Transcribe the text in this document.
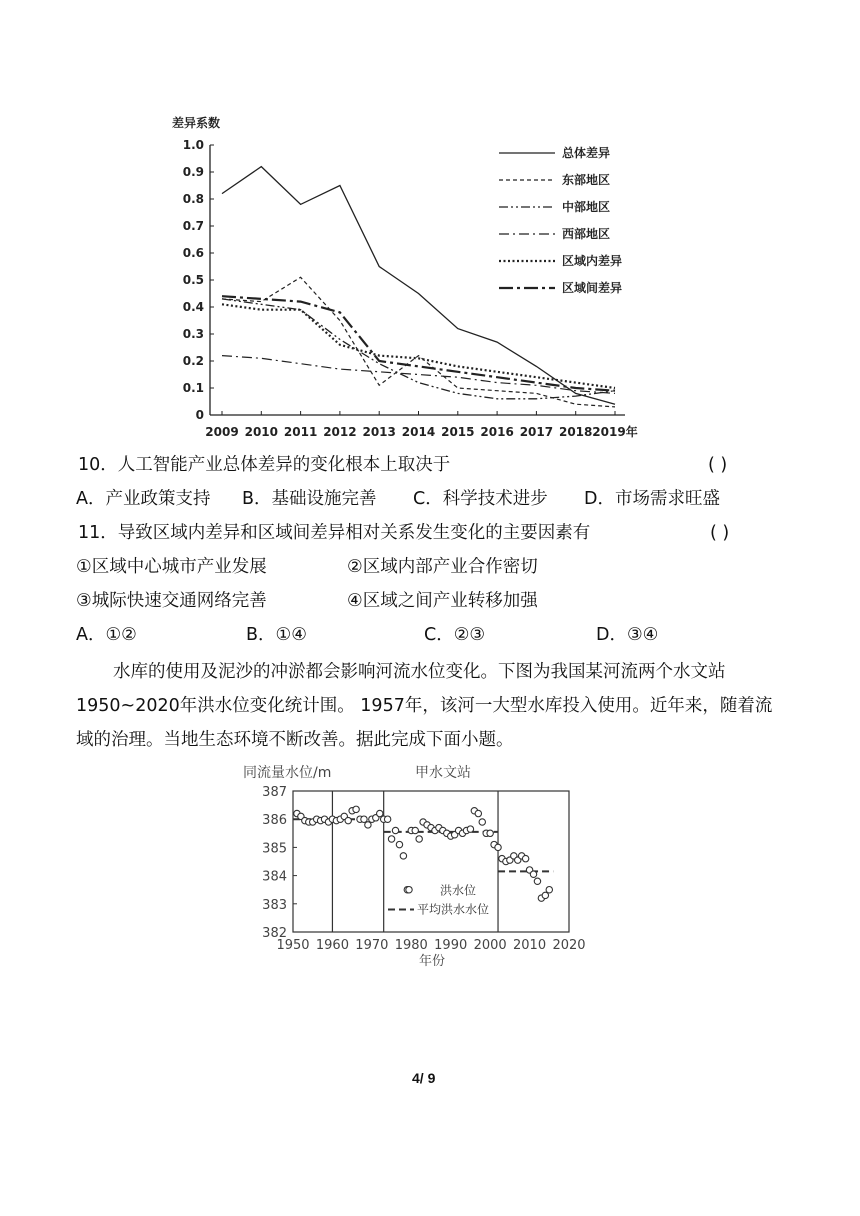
差异系数
0
0.1
0.2
0.3
0.4
0.5
0.6
0.7
0.8
0.9
1.0
2009 2010 2011 2012 2013 2014 2015 2016 2017 2018 2019年
总体差异
东部地区
中部地区
西部地区
区域内差异
区域间差异
10．人工智能产业总体差异的变化根本上取决于	( )
A．产业政策支持 B．基础设施完善 C．科学技术进步 D．市场需求旺盛
11．导致区域内差异和区域间差异相对关系发生变化的主要因素有	( )
①区域中心城市产业发展	②区域内部产业合作密切
③城际快速交通网络完善	④区域之间产业转移加强
A．①②	B．①④	C．②③	D．③④
水库的使用及泥沙的冲淤都会影响河流水位变化。下图为我国某河流两个水文站 1950~2020年洪水位变化统计围。 1957年，该河一大型水库投入使用。近年来，随着流域的治理。当地生态环境不断改善。据此完成下面小题。
同流量水位/m	甲水文站
年份
382
383
384
385
386
387
1950 1960 1970 1980 1990 2000 2010 2020
洪水位
平均洪水水位
4/ 9
